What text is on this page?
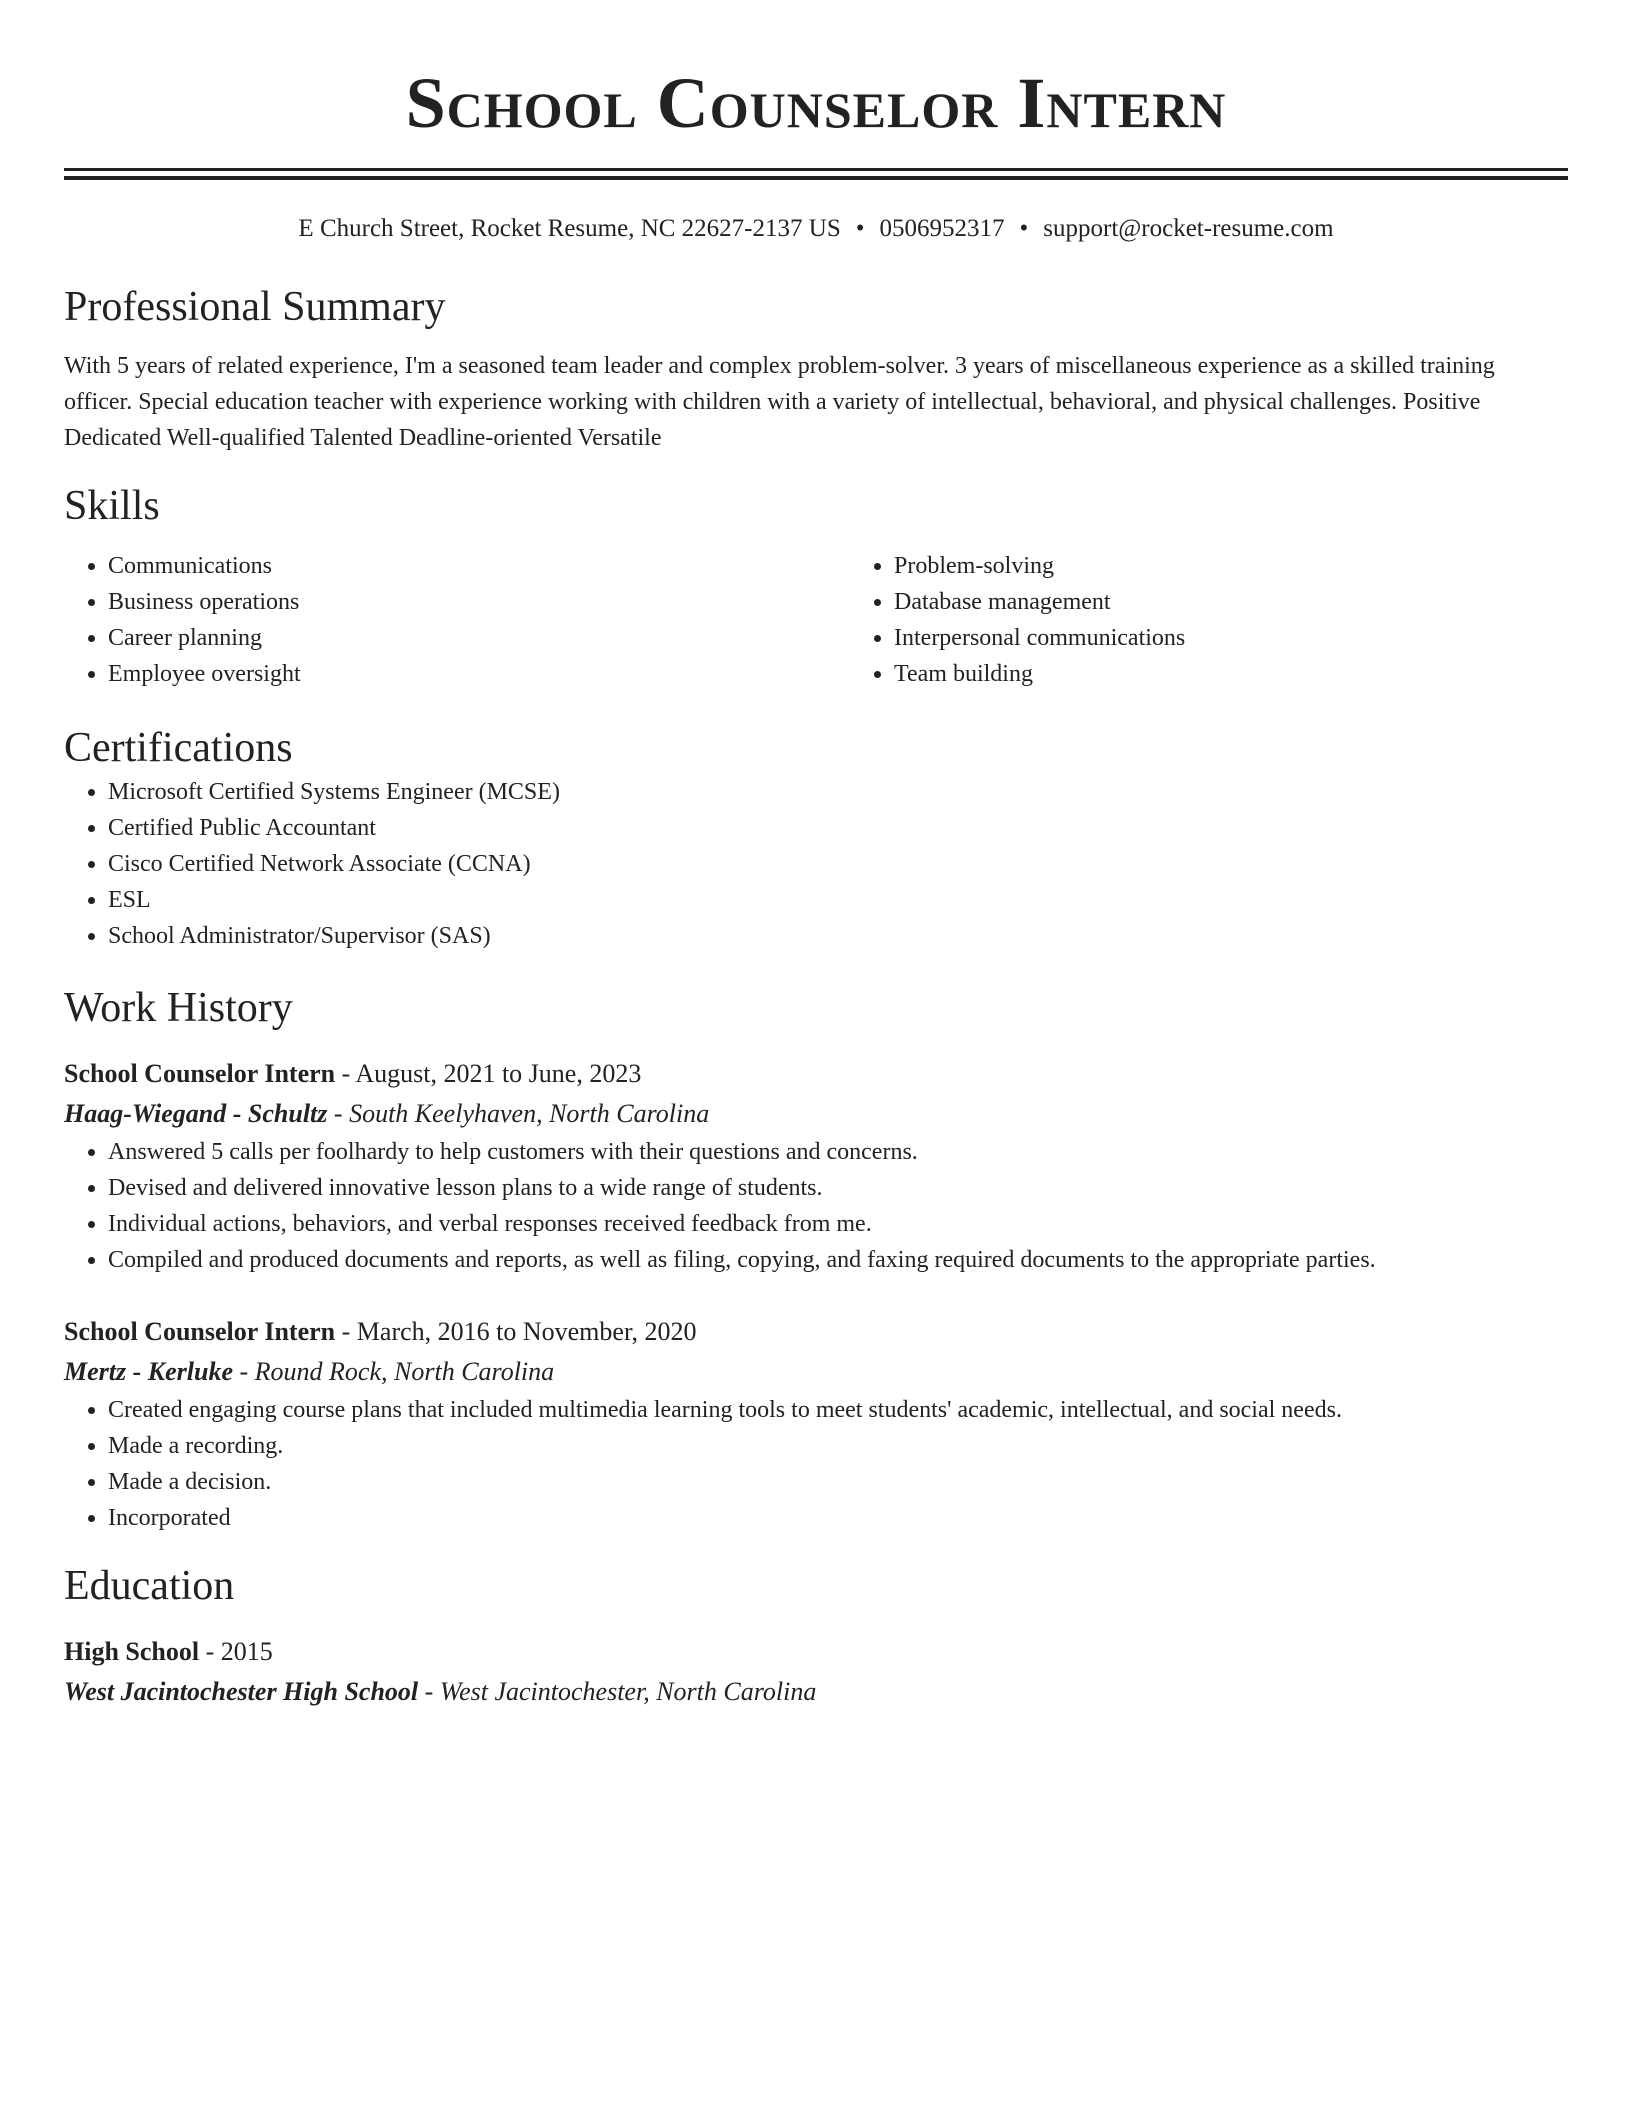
School Counselor Intern
E Church Street, Rocket Resume, NC 22627-2137 US • 0506952317 • support@rocket-resume.com
Professional Summary
With 5 years of related experience, I'm a seasoned team leader and complex problem-solver. 3 years of miscellaneous experience as a skilled training officer. Special education teacher with experience working with children with a variety of intellectual, behavioral, and physical challenges. Positive Dedicated Well-qualified Talented Deadline-oriented Versatile
Skills
• Communications
• Business operations
• Career planning
• Employee oversight
• Problem-solving
• Database management
• Interpersonal communications
• Team building
Certifications
• Microsoft Certified Systems Engineer (MCSE)
• Certified Public Accountant
• Cisco Certified Network Associate (CCNA)
• ESL
• School Administrator/Supervisor (SAS)
Work History
School Counselor Intern - August, 2021 to June, 2023
Haag-Wiegand - Schultz - South Keelyhaven, North Carolina
• Answered 5 calls per foolhardy to help customers with their questions and concerns.
• Devised and delivered innovative lesson plans to a wide range of students.
• Individual actions, behaviors, and verbal responses received feedback from me.
• Compiled and produced documents and reports, as well as filing, copying, and faxing required documents to the appropriate parties.
School Counselor Intern - March, 2016 to November, 2020
Mertz - Kerluke - Round Rock, North Carolina
• Created engaging course plans that included multimedia learning tools to meet students' academic, intellectual, and social needs.
• Made a recording.
• Made a decision.
• Incorporated
Education
High School - 2015
West Jacintochester High School - West Jacintochester, North Carolina
